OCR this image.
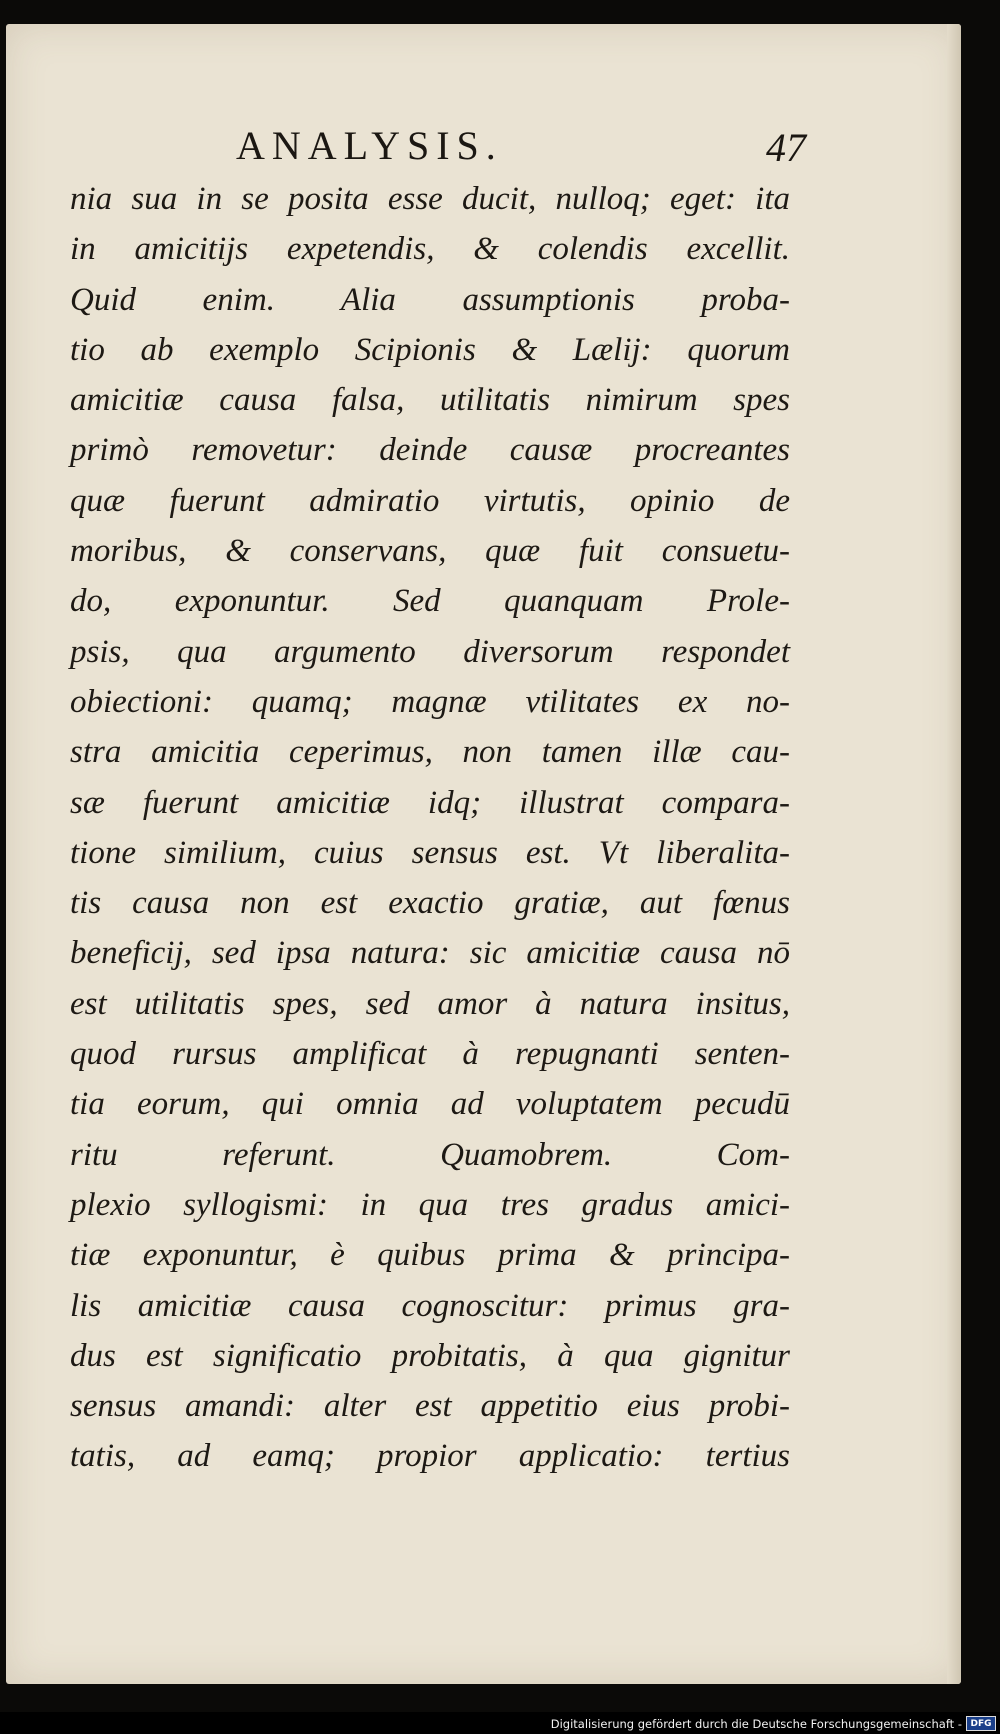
ANALYSIS.	47
nia sua in se posita esse ducit, nulloq; eget: ita
in amicitijs expetendis, & colendis excellit.
Quid enim. Alia assumptionis proba-
tio ab exemplo Scipionis & Lælij: quorum
amicitiæ causa falsa, utilitatis nimirum spes
primò removetur: deinde causæ procreantes
quæ fuerunt admiratio virtutis, opinio de
moribus, & conservans, quæ fuit consuetu-
do, exponuntur. Sed quanquam Prole-
psis, qua argumento diversorum respondet
obiectioni: quamq; magnæ vtilitates ex no-
stra amicitia ceperimus, non tamen illæ cau-
sæ fuerunt amicitiæ idq; illustrat compara-
tione similium, cuius sensus est. Vt liberalita-
tis causa non est exactio gratiæ, aut fœnus
beneficij, sed ipsa natura: sic amicitiæ causa nō
est utilitatis spes, sed amor à natura insitus,
quod rursus amplificat à repugnanti senten-
tia eorum, qui omnia ad voluptatem pecudū
ritu referunt. Quamobrem. Com-
plexio syllogismi: in qua tres gradus amici-
tiæ exponuntur, è quibus prima & principa-
lis amicitiæ causa cognoscitur: primus gra-
dus est significatio probitatis, à qua gignitur
sensus amandi: alter est appetitio eius probi-
tatis, ad eamq; propior applicatio: tertius
Digitalisierung gefördert durch die Deutsche Forschungsgemeinschaft - DFG
